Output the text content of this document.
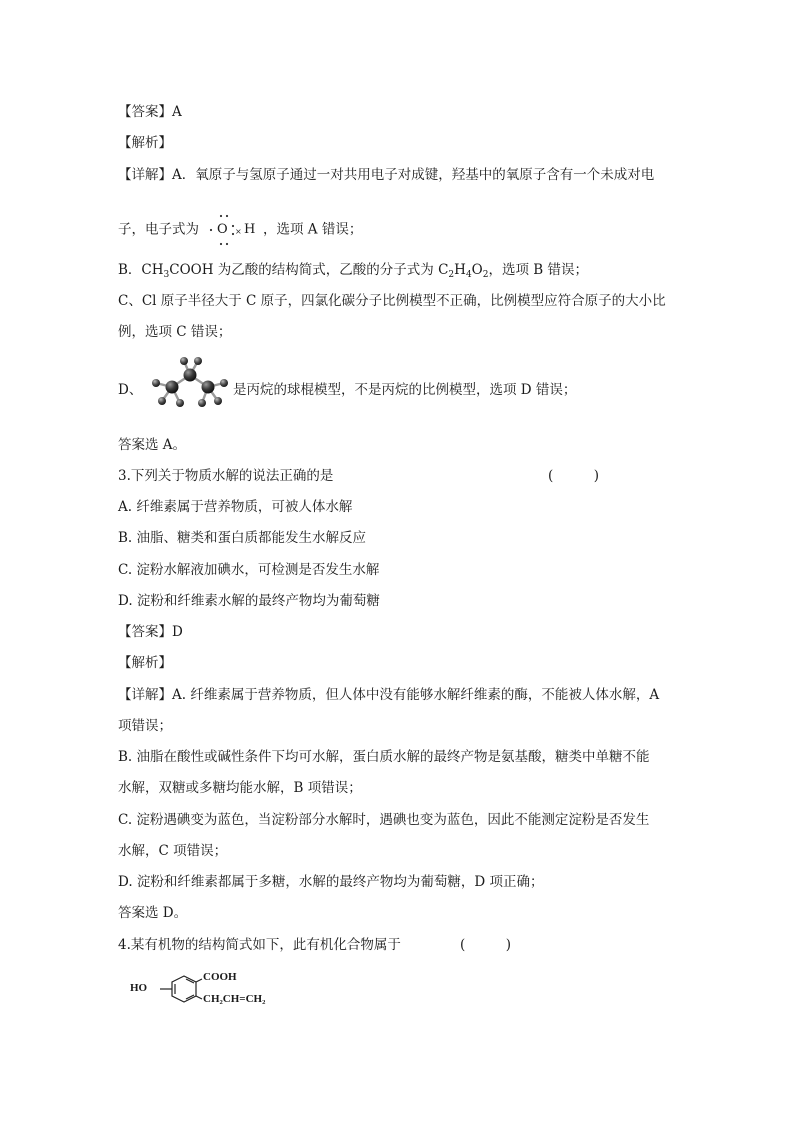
【答案】A
【解析】
【详解】A．氧原子与氢原子通过一对共用电子对成键，羟基中的氧原子含有一个未成对电
子，电子式为	×
O H ，选项 A 错误；
B．$CH_3COOH$ 为乙酸的结构简式，乙酸的分子式为 $C_2H_4O_2$，选项 B 错误；
C、Cl 原子半径大于 C 原子，四氯化碳分子比例模型不正确，比例模型应符合原子的大小比
例，选项 C 错误；
D、	是丙烷的球棍模型，不是丙烷的比例模型，选项 D 错误；
答案选 A。
3.下列关于物质水解的说法正确的是	(　　　)
A. 纤维素属于营养物质，可被人体水解
B. 油脂、糖类和蛋白质都能发生水解反应
C. 淀粉水解液加碘水，可检测是否发生水解
D. 淀粉和纤维素水解的最终产物均为葡萄糖
【答案】D
【解析】
【详解】A. 纤维素属于营养物质，但人体中没有能够水解纤维素的酶，不能被人体水解，A
项错误；
B. 油脂在酸性或碱性条件下均可水解，蛋白质水解的最终产物是氨基酸，糖类中单糖不能
水解，双糖或多糖均能水解，B 项错误；
C. 淀粉遇碘变为蓝色，当淀粉部分水解时，遇碘也变为蓝色，因此不能测定淀粉是否发生
水解，C 项错误；
D. 淀粉和纤维素都属于多糖，水解的最终产物均为葡萄糖，D 项正确；
答案选 D。
4.某有机物的结构简式如下，此有机化合物属于	(　　　)
HO
COOH
CH₂CH=CH₂
